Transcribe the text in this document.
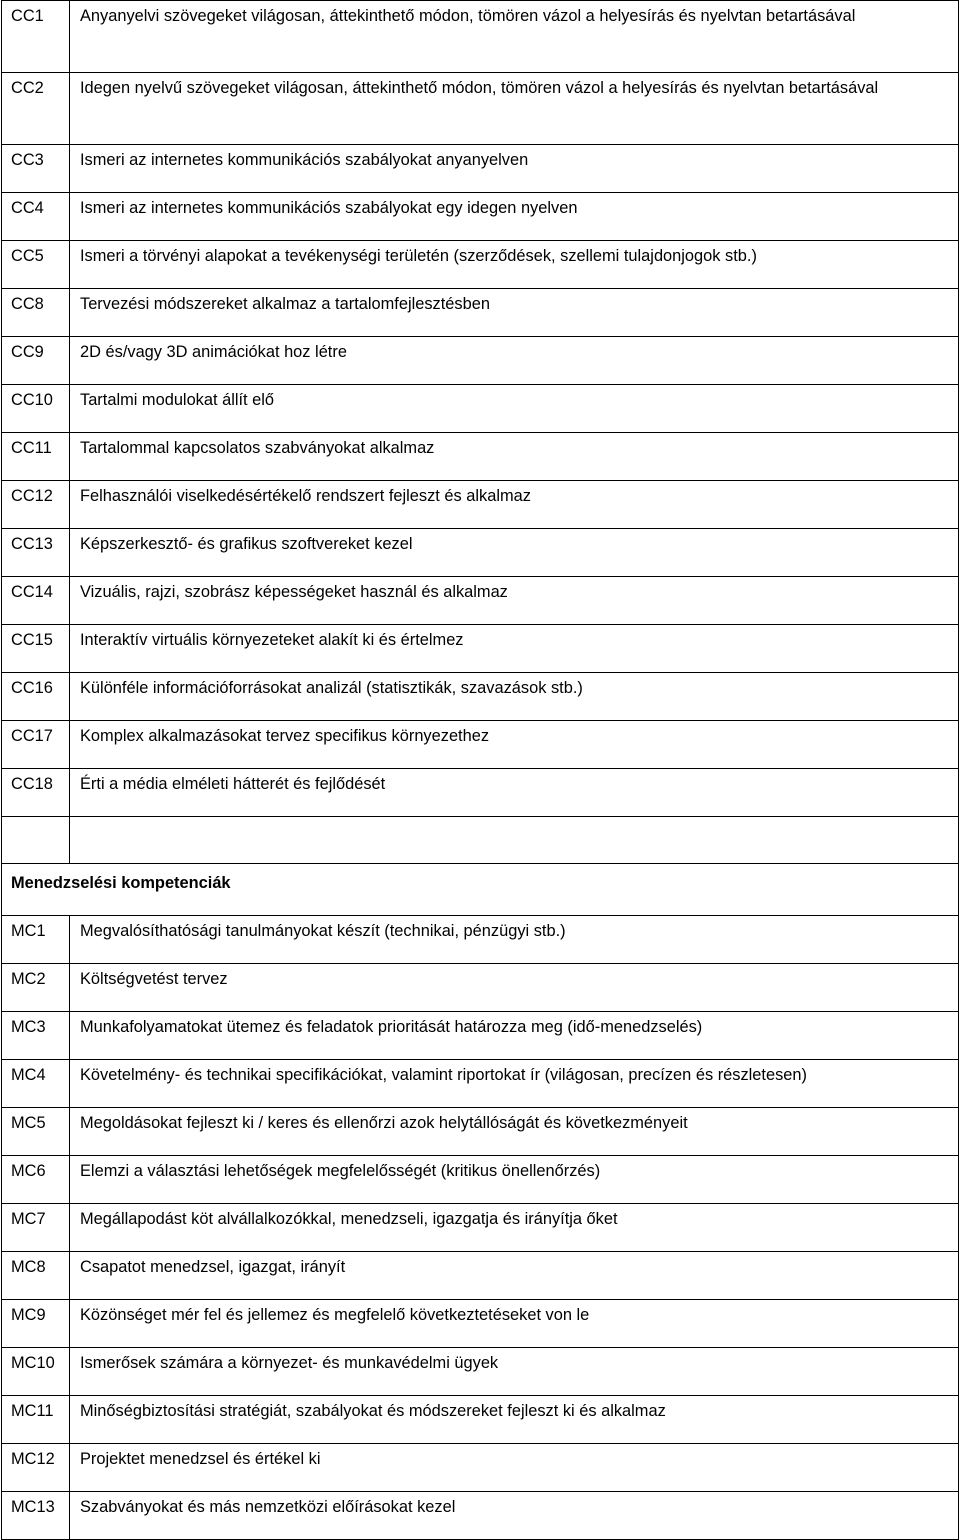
CC1	Anyanyelvi szövegeket világosan, áttekinthető módon, tömören vázol a helyesírás és nyelvtan betartásával
CC2	Idegen nyelvű szövegeket világosan, áttekinthető módon, tömören vázol a helyesírás és nyelvtan betartásával
CC3	Ismeri az internetes kommunikációs szabályokat anyanyelven
CC4	Ismeri az internetes kommunikációs szabályokat egy idegen nyelven
CC5	Ismeri a törvényi alapokat a tevékenységi területén (szerződések, szellemi tulajdonjogok stb.)
CC8	Tervezési módszereket alkalmaz a tartalomfejlesztésben
CC9	2D és/vagy 3D animációkat hoz létre
CC10	Tartalmi modulokat állít elő
CC11	Tartalommal kapcsolatos szabványokat alkalmaz
CC12	Felhasználói viselkedésértékelő rendszert fejleszt és alkalmaz
CC13	Képszerkesztő- és grafikus szoftvereket kezel
CC14	Vizuális, rajzi, szobrász képességeket használ és alkalmaz
CC15	Interaktív virtuális környezeteket alakít ki és értelmez
CC16	Különféle információforrásokat analizál (statisztikák, szavazások stb.)
CC17	Komplex alkalmazásokat tervez specifikus környezethez
CC18	Érti a média elméleti hátterét és fejlődését

Menedzselési kompetenciák	
MC1	Megvalósíthatósági tanulmányokat készít (technikai, pénzügyi stb.)
MC2	Költségvetést tervez
MC3	Munkafolyamatokat ütemez és feladatok prioritását határozza meg (idő-menedzselés)
MC4	Követelmény- és technikai specifikációkat, valamint riportokat ír (világosan, precízen és részletesen)
MC5	Megoldásokat fejleszt ki / keres és ellenőrzi azok helytállóságát és következményeit
MC6	Elemzi a választási lehetőségek megfelelősségét (kritikus önellenőrzés)
MC7	Megállapodást köt alvállalkozókkal, menedzseli, igazgatja és irányítja őket
MC8	Csapatot menedzsel, igazgat, irányít
MC9	Közönséget mér fel és jellemez és megfelelő következtetéseket von le
MC10	Ismerősek számára a környezet- és munkavédelmi ügyek
MC11	Minőségbiztosítási stratégiát, szabályokat és módszereket fejleszt ki és alkalmaz
MC12	Projektet menedzsel és értékel ki
MC13	Szabványokat és más nemzetközi előírásokat kezel
